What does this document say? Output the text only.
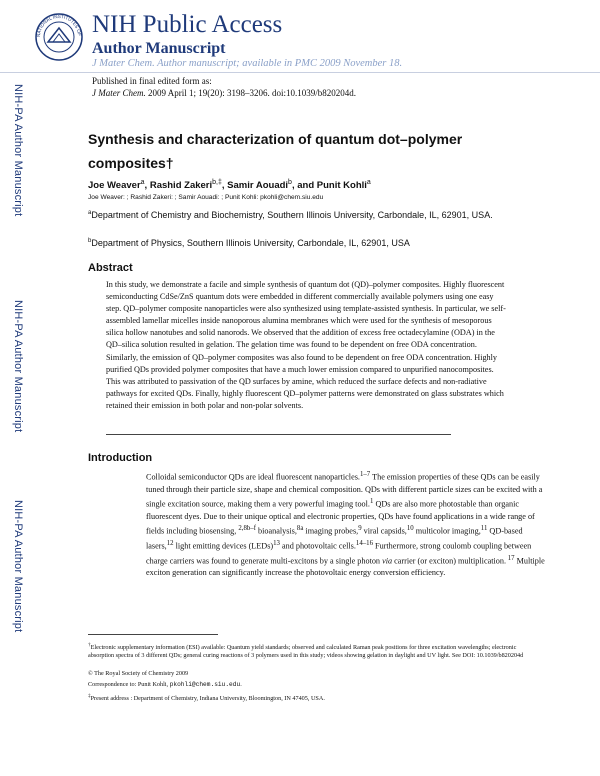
NIH-PA Author Manuscript
NIH-PA Author Manuscript
NIH-PA Author Manuscript
NATIONAL INSTITUTES OF NIH Public Access
Author Manuscript
J Mater Chem. Author manuscript; available in PMC 2009 November 18.
Published in final edited form as:
J Mater Chem. 2009 April 1; 19(20): 3198–3206. doi:10.1039/b820204d.
Synthesis and characterization of quantum dot–polymer composites†
Joe Weaver$^a$, Rashid Zakeri$^{b,\ddagger}$, Samir Aouadi$^b$, and Punit Kohli$^a$
Joe Weaver: ; Rashid Zakeri: ; Samir Aouadi: ; Punit Kohli: pkohli@chem.siu.edu
$^a$Department of Chemistry and Biochemistry, Southern Illinois University, Carbondale, IL, 62901, USA.
$^b$Department of Physics, Southern Illinois University, Carbondale, IL, 62901, USA
Abstract

In this study, we demonstrate a facile and simple synthesis of quantum dot (QD)–polymer composites. Highly fluorescent semiconducting CdSe/ZnS quantum dots were embedded in different commercially available polymers using one easy step. QD–polymer composite nanoparticles were also synthesized using template-assisted synthesis. In particular, we self-assembled lamellar micelles inside nanoporous alumina membranes which were used for the synthesis of mesoporous silica hollow nanotubes and solid nanorods. We observed that the addition of excess free octadecylamine (ODA) in the QD–silica solution resulted in gelation. The gelation time was found to be dependent on free ODA concentration. Similarly, the emission of QD–polymer composites was also found to be dependent on free ODA concentration. Highly purified QDs provided polymer composites that have a much lower emission compared to unpurified nanocomposites. This was attributed to passivation of the QD surfaces by amine, which reduced the surface defects and non-radiative pathways for excited QDs. Finally, highly fluorescent QD–polymer patterns were demonstrated on glass substrates which retained their emission in both polar and non-polar solvents.

Introduction

Colloidal semiconductor QDs are ideal fluorescent nanoparticles.$^{1-7}$ The emission properties of these QDs can be easily tuned through their particle size, shape and chemical composition. QDs with different particle sizes can be excited with a single excitation source, making them a very powerful imaging tool.$^1$ QDs are also more photostable than organic fluorescent dyes. Due to their unique optical and electronic properties, QDs have found applications in a wide range of fields including biosensing, $^{2,8b-f}$ bioanalysis,$^{8a}$ imaging probes,$^9$ viral capsids,$^{10}$ multicolor imaging,$^{11}$ QD-based lasers,$^{12}$ light emitting devices (LEDs)$^{13}$ and photovoltaic cells.$^{14-16}$ Furthermore, strong coulomb coupling between charge carriers was found to generate multi-excitons by a single photon via carrier (or exciton) multiplication. $^{17}$ Multiple exciton generation can significantly increase the photovoltaic energy conversion efficiency.

†Electronic supplementary information (ESI) available: Quantum yield standards; observed and calculated Raman peak positions for three excitation wavelengths; electronic absorption spectra of 3 different QDs; general curing reactions of 3 polymers used in this study; videos showing gelation in daylight and UV light. See DOI: 10.1039/b820204d
© The Royal Society of Chemistry 2009
Correspondence to: Punit Kohli, pkohli@chem.siu.edu.
‡Present address : Department of Chemistry, Indiana University, Bloomington, IN 47405, USA.
